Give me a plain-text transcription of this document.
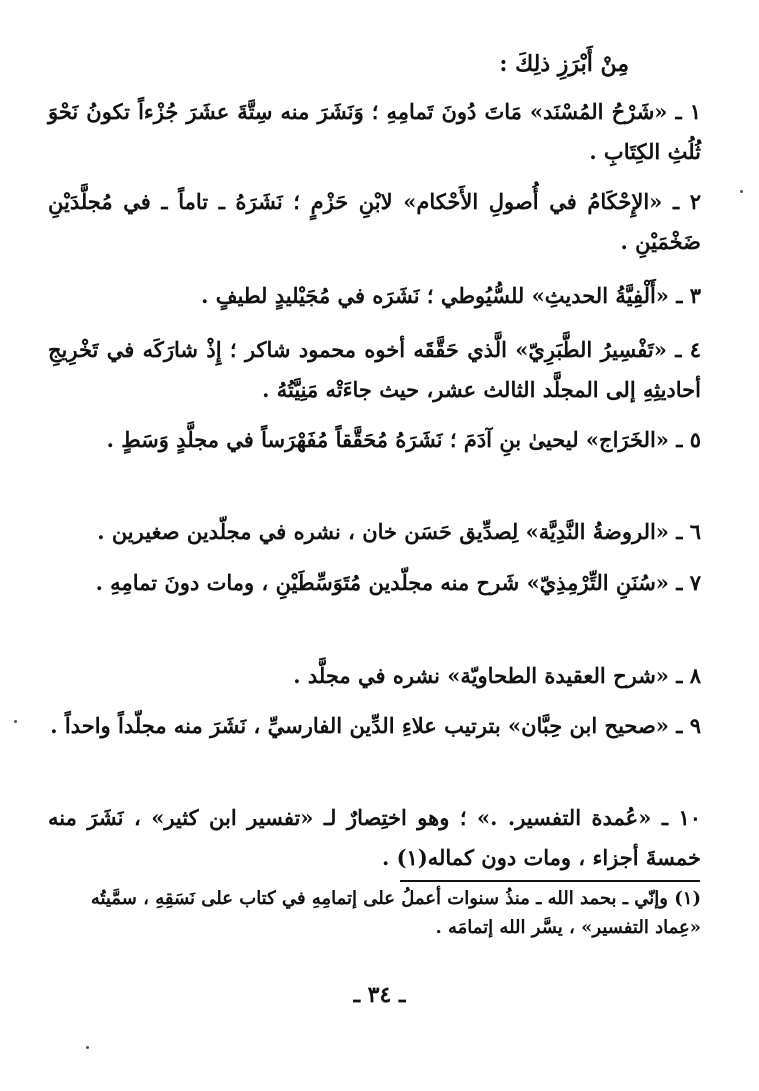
مِنْ أَبْرَزِ ذلِكَ :
١ ـ «شَرْحُ المُسْنَد» مَاتَ دُونَ تَمامِهِ ؛ وَنَشَرَ منه سِتَّةَ عشَرَ جُزْءاً تكونُ نَحْوَ ثُلُثِ الكِتَابِ .
٢ ـ «الإِحْكَامُ في أُصولِ الأَحْكام» لابْنِ حَزْمٍ ؛ نَشَرَهُ ـ تاماً ـ في مُجلَّدَيْنِ ضَخْمَيْنِ .
٣ ـ «أَلْفِيَّةُ الحديثِ» للسُّيُوطي ؛ نَشَرَه في مُجَيْليدٍ لطيفٍ .
٤ ـ «تَفْسِيرُ الطَّبَرِيّ» الَّذي حَقَّقَه أخوه محمود شاكر ؛ إِذْ شارَكَه في تَخْرِيجِ أحاديثِهِ إلى المجلَّد الثالث عشر، حيث جاءَتْه مَنِيَّتُهُ .
٥ ـ «الخَرَاج» ليحيىٰ بنِ آدَمَ ؛ نَشَرَهُ مُحَقَّقاً مُفَهْرَساً في مجلَّدٍ وَسَطٍ .
٦ ـ «الروضةُ النَّدِيَّة» لِصدِّيق حَسَن خان ، نشره في مجلّدين صغيرين .
٧ ـ «سُنَنِ التِّرْمِذِيّ» شَرح منه مجلّدين مُتَوَسِّطَيْنِ ، ومات دونَ تمامِهِ .
٨ ـ «شرح العقيدة الطحاويّة» نشره في مجلَّد .
٩ ـ «صحيح ابن حِبَّان» بترتيب علاءِ الدِّين الفارسيِّ ، نَشَرَ منه مجلّداً واحداً .
١٠ ـ «عُمدة التفسير. .» ؛ وهو اختِصارٌ لـ «تفسير ابن كثير» ، نَشَرَ منه خمسةَ أجزاء ، ومات دون كماله(١) .
(١) وإنّي ـ بحمد الله ـ منذُ سنوات أعملُ على إتمامِهِ في كتاب على نَسَقِهِ ، سمَّيتُه «عِماد التفسير» ، يسَّر الله إتمامَه .
ـ ٣٤ ـ
